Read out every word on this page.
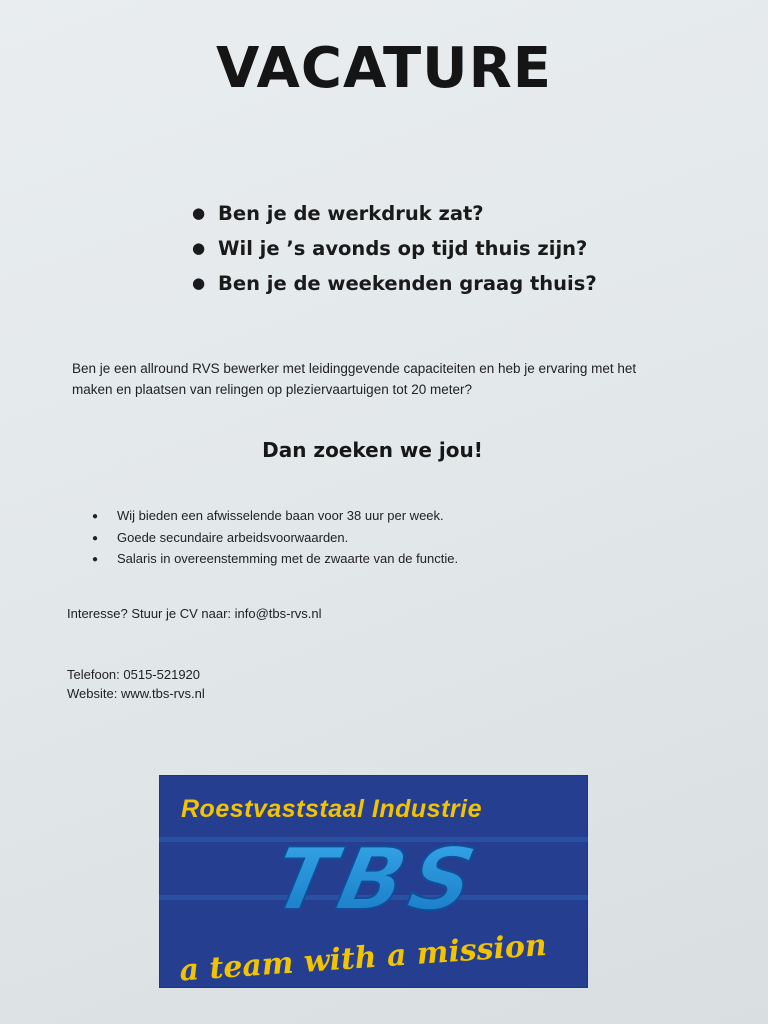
VACATURE
● Ben je de werkdruk zat?
● Wil je ’s avonds op tijd thuis zijn?
● Ben je de weekenden graag thuis?
Ben je een allround RVS bewerker met leidinggevende capaciteiten en heb je ervaring met het maken en plaatsen van relingen op pleziervaartuigen tot 20 meter?
Dan zoeken we jou!
● Wij bieden een afwisselende baan voor 38 uur per week.
● Goede secundaire arbeidsvoorwaarden.
● Salaris in overeenstemming met de zwaarte van de functie.
Interesse? Stuur je CV naar: info@tbs-rvs.nl
Telefoon: 0515-521920
Website: www.tbs-rvs.nl
Roestvaststaal Industrie
TBS
a team with a mission
